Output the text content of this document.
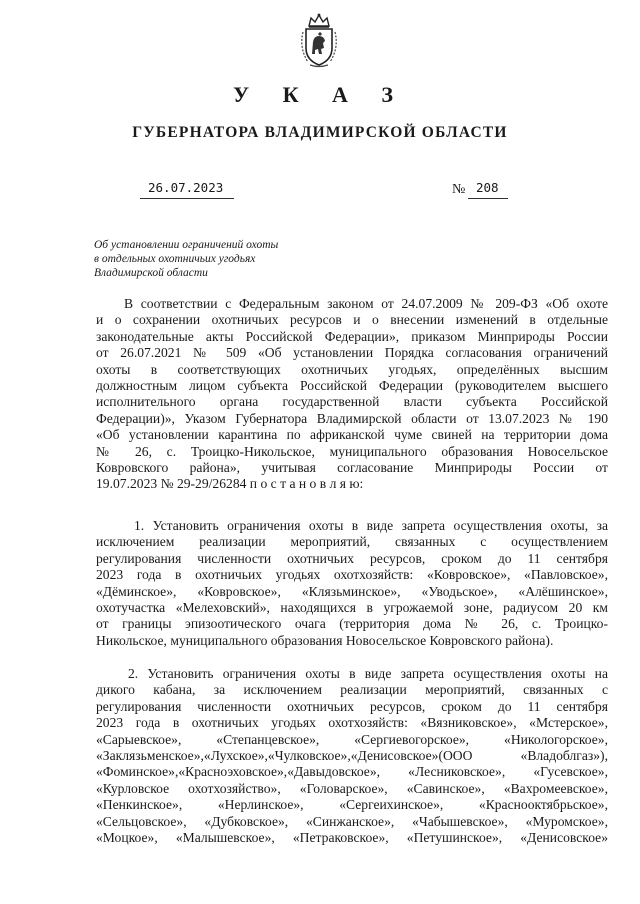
У К А З
ГУБЕРНАТОРА ВЛАДИМИРСКОЙ ОБЛАСТИ
26.07.2023	№ 208
Об установлении ограничений охоты
в отдельных охотничьих угодьях
Владимирской области
В соответствии с Федеральным законом от 24.07.2009 № 209-ФЗ «Об охоте
и о сохранении охотничьих ресурсов и о внесении изменений в отдельные
законодательные акты Российской Федерации», приказом Минприроды России
от 26.07.2021 № 509 «Об установлении Порядка согласования ограничений
охоты в соответствующих охотничьих угодьях, определённых высшим
должностным лицом субъекта Российской Федерации (руководителем высшего
исполнительного органа государственной власти субъекта Российской
Федерации)», Указом Губернатора Владимирской области от 13.07.2023 № 190
«Об установлении карантина по африканской чуме свиней на территории дома
№ 26, с. Троицко-Никольское, муниципального образования Новосельское
Ковровского района», учитывая согласование Минприроды России от
19.07.2023 № 29-29/26284 п о с т а н о в л я ю:
1. Установить ограничения охоты в виде запрета осуществления охоты, за
исключением реализации мероприятий, связанных с осуществлением
регулирования численности охотничьих ресурсов, сроком до 11 сентября
2023 года в охотничьих угодьях охотхозяйств: «Ковровское», «Павловское»,
«Дёминское», «Ковровское», «Клязьминское», «Уводьское», «Алёшинское»,
охотучастка «Мелеховский», находящихся в угрожаемой зоне, радиусом 20 км
от границы эпизоотического очага (территория дома № 26, с. Троицко-
Никольское, муниципального образования Новосельское Ковровского района).
2. Установить ограничения охоты в виде запрета осуществления охоты на
дикого кабана, за исключением реализации мероприятий, связанных с
регулирования численности охотничьих ресурсов, сроком до 11 сентября
2023 года в охотничьих угодьях охотхозяйств: «Вязниковское», «Мстерское»,
«Сарыевское», «Степанцевское», «Сергиевогорское», «Никологорское»,
«Заклязьменское»,«Лухское»,«Чулковское»,«Денисовское»(ООО «Владоблгаз»),
«Фоминское»,«Красноэховское»,«Давыдовское», «Лесниковское», «Гусевское»,
«Курловское охотхозяйство», «Головарское», «Савинское», «Вахромеевское»,
«Пенкинское», «Нерлинское», «Сергеихинское», «Краснооктябрьское»,
«Сельцовское», «Дубковское», «Синжанское», «Чабышевское», «Муромское»,
«Моцкое», «Малышевское», «Петраковское», «Петушинское», «Денисовское»
